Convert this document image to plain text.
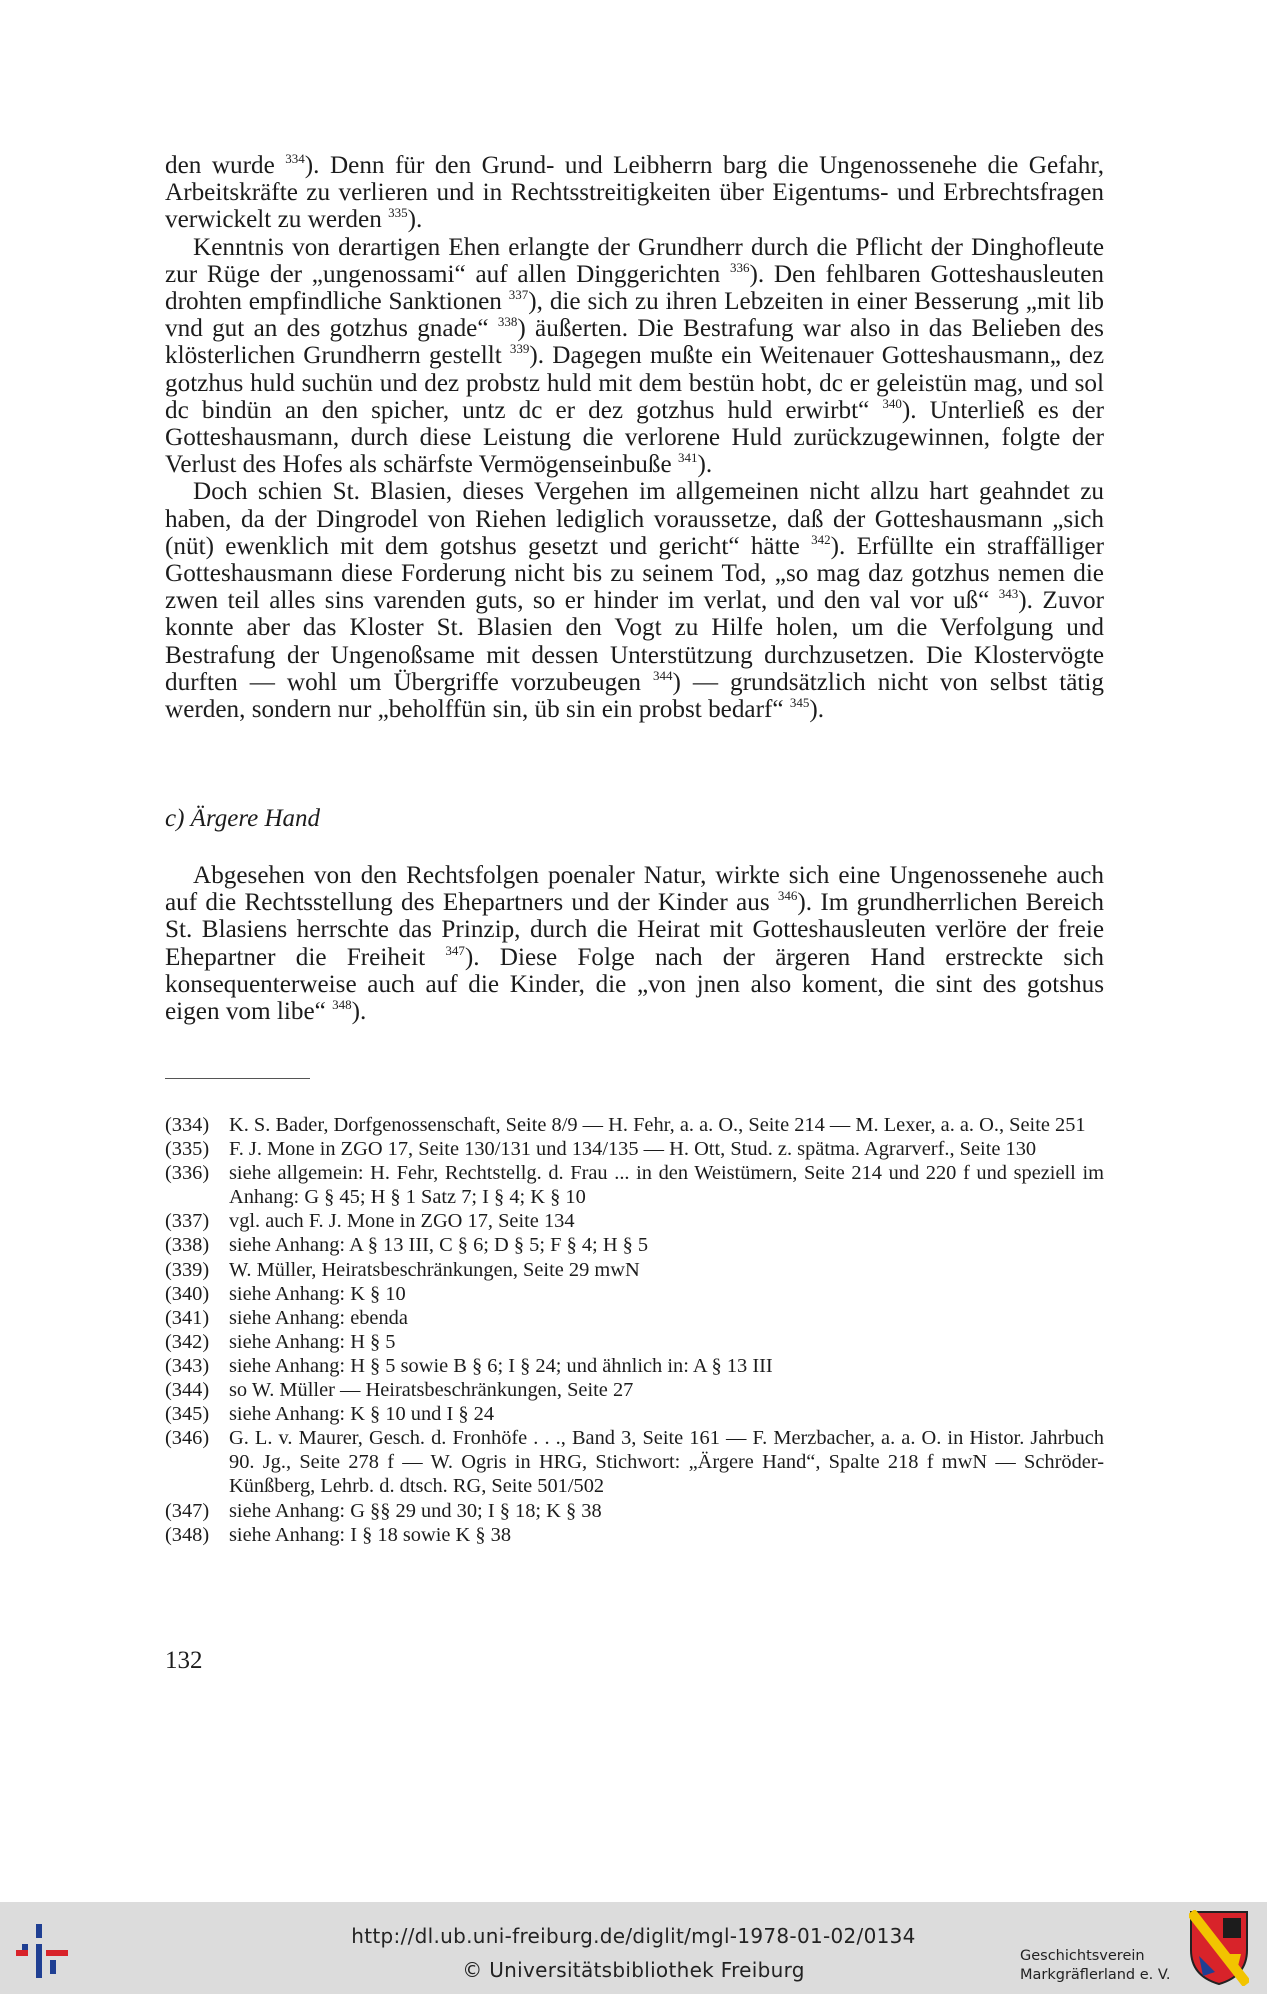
den wurde $^{334}$). Denn für den Grund- und Leibherrn barg die Ungenossenehe die Gefahr, Arbeitskräfte zu verlieren und in Rechtsstreitigkeiten über Eigentums- und Erbrechtsfragen verwickelt zu werden $^{335}$).

Kenntnis von derartigen Ehen erlangte der Grundherr durch die Pflicht der Dinghofleute zur Rüge der „ungenossami“ auf allen Dinggerichten $^{336}$). Den fehlbaren Gotteshausleuten drohten empfindliche Sanktionen $^{337}$), die sich zu ihren Lebzeiten in einer Besserung „mit lib vnd gut an des gotzhus gnade“ $^{338}$) äußerten. Die Bestrafung war also in das Belieben des klösterlichen Grundherrn gestellt $^{339}$). Dagegen mußte ein Weitenauer Gotteshausmann„ dez gotzhus huld suchün und dez probstz huld mit dem bestün hobt, dc er geleistün mag, und sol dc bindün an den spicher, untz dc er dez gotzhus huld erwirbt“ $^{340}$). Unterließ es der Gotteshausmann, durch diese Leistung die verlorene Huld zurückzugewinnen, folgte der Verlust des Hofes als schärfste Vermögenseinbuße $^{341}$).

Doch schien St. Blasien, dieses Vergehen im allgemeinen nicht allzu hart geahndet zu haben, da der Dingrodel von Riehen lediglich voraussetze, daß der Gotteshausmann „sich (nüt) ewenklich mit dem gotshus gesetzt und gericht“ hätte $^{342}$). Erfüllte ein straffälliger Gotteshausmann diese Forderung nicht bis zu seinem Tod, „so mag daz gotzhus nemen die zwen teil alles sins varenden guts, so er hinder im verlat, und den val vor uß“ $^{343}$). Zuvor konnte aber das Kloster St. Blasien den Vogt zu Hilfe holen, um die Verfolgung und Bestrafung der Ungenoßsame mit dessen Unterstützung durchzusetzen. Die Klostervögte durften — wohl um Übergriffe vorzubeugen $^{344}$) — grundsätzlich nicht von selbst tätig werden, sondern nur „beholffün sin, üb sin ein probst bedarf“ $^{345}$).

c) Ärgere Hand

Abgesehen von den Rechtsfolgen poenaler Natur, wirkte sich eine Ungenossenehe auch auf die Rechtsstellung des Ehepartners und der Kinder aus $^{346}$). Im grundherrlichen Bereich St. Blasiens herrschte das Prinzip, durch die Heirat mit Gotteshausleuten verlöre der freie Ehepartner die Freiheit $^{347}$). Diese Folge nach der ärgeren Hand erstreckte sich konsequenterweise auch auf die Kinder, die „von jnen also koment, die sint des gotshus eigen vom libe“ $^{348}$).

(334) K. S. Bader, Dorfgenossenschaft, Seite 8/9 — H. Fehr, a. a. O., Seite 214 — M. Lexer, a. a. O., Seite 251
(335) F. J. Mone in ZGO 17, Seite 130/131 und 134/135 — H. Ott, Stud. z. spätma. Agrarverf., Seite 130
(336) siehe allgemein: H. Fehr, Rechtstellg. d. Frau ... in den Weistümern, Seite 214 und 220 f und speziell im Anhang: G § 45; H § 1 Satz 7; I § 4; K § 10
(337) vgl. auch F. J. Mone in ZGO 17, Seite 134
(338) siehe Anhang: A § 13 III, C § 6; D § 5; F § 4; H § 5
(339) W. Müller, Heiratsbeschränkungen, Seite 29 mwN
(340) siehe Anhang: K § 10
(341) siehe Anhang: ebenda
(342) siehe Anhang: H § 5
(343) siehe Anhang: H § 5 sowie B § 6; I § 24; und ähnlich in: A § 13 III
(344) so W. Müller — Heiratsbeschränkungen, Seite 27
(345) siehe Anhang: K § 10 und I § 24
(346) G. L. v. Maurer, Gesch. d. Fronhöfe . . ., Band 3, Seite 161 — F. Merzbacher, a. a. O. in Histor. Jahrbuch 90. Jg., Seite 278 f — W. Ogris in HRG, Stichwort: „Ärgere Hand“, Spalte 218 f mwN — Schröder-Künßberg, Lehrb. d. dtsch. RG, Seite 501/502
(347) siehe Anhang: G §§ 29 und 30; I § 18; K § 38
(348) siehe Anhang: I § 18 sowie K § 38
132
http://dl.ub.uni-freiburg.de/diglit/mgl-1978-01-02/0134
© Universitätsbibliothek Freiburg
Geschichtsverein
Markgräflerland e. V.
